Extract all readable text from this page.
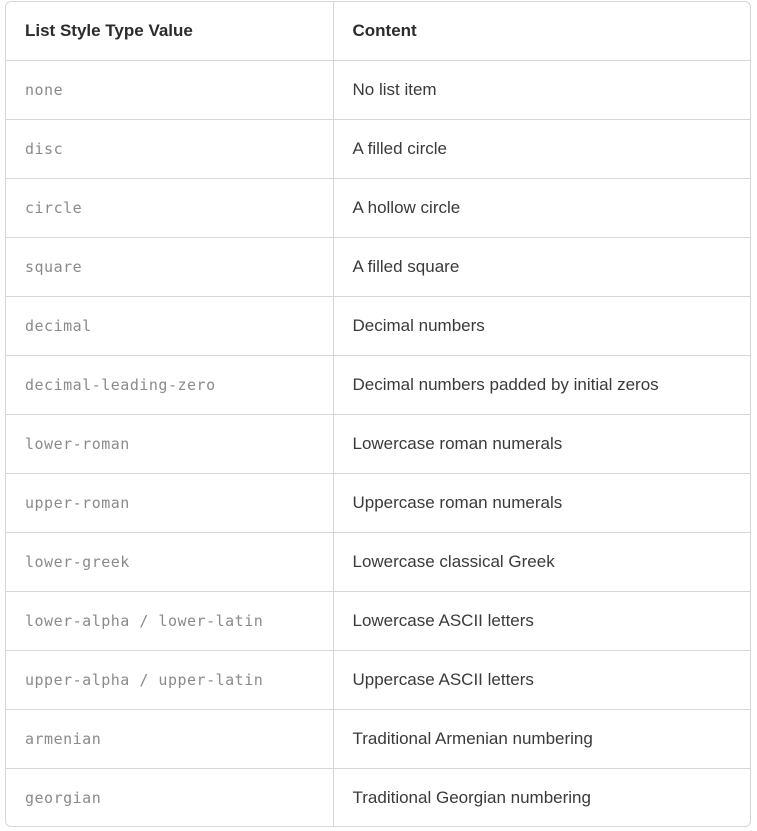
List Style Type Value	Content
none	No list item
disc	A filled circle
circle	A hollow circle
square	A filled square
decimal	Decimal numbers
decimal-leading-zero	Decimal numbers padded by initial zeros
lower-roman	Lowercase roman numerals
upper-roman	Uppercase roman numerals
lower-greek	Lowercase classical Greek
lower-alpha / lower-latin	Lowercase ASCII letters
upper-alpha / upper-latin	Uppercase ASCII letters
armenian	Traditional Armenian numbering
georgian	Traditional Georgian numbering
